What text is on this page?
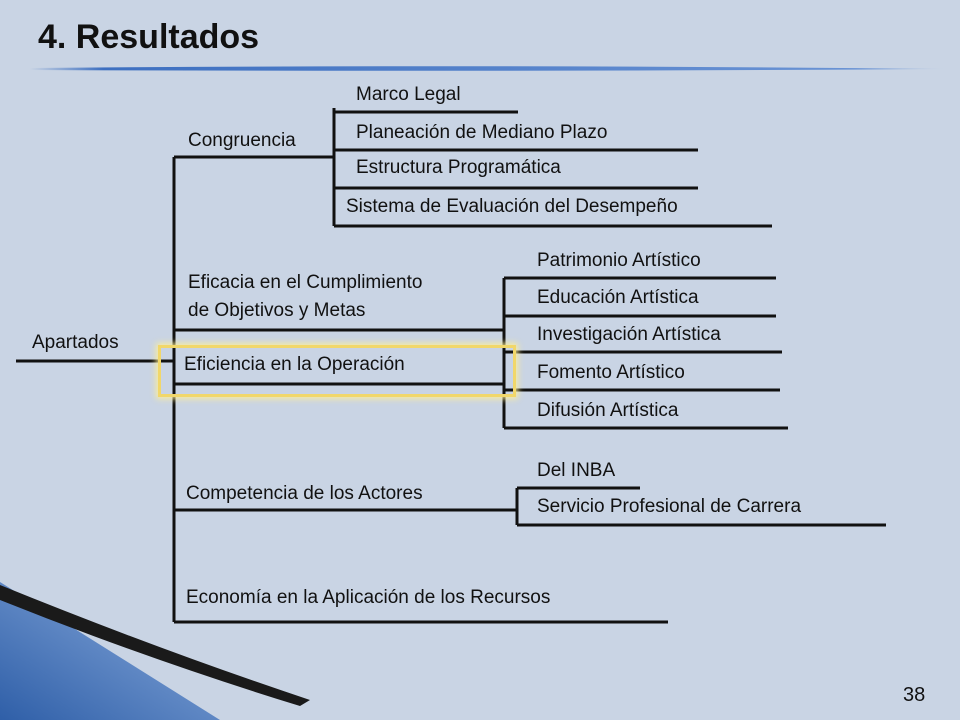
4. Resultados
Apartados
Congruencia
Eficacia en el Cumplimiento
de Objetivos y Metas
Eficiencia en la Operación
Competencia de los Actores
Economía en la Aplicación de los Recursos
Marco Legal
Planeación de Mediano Plazo
Estructura Programática
Sistema de Evaluación del Desempeño
Patrimonio Artístico
Educación Artística
Investigación Artística
Fomento Artístico
Difusión Artística
Del INBA
Servicio Profesional de Carrera
38
